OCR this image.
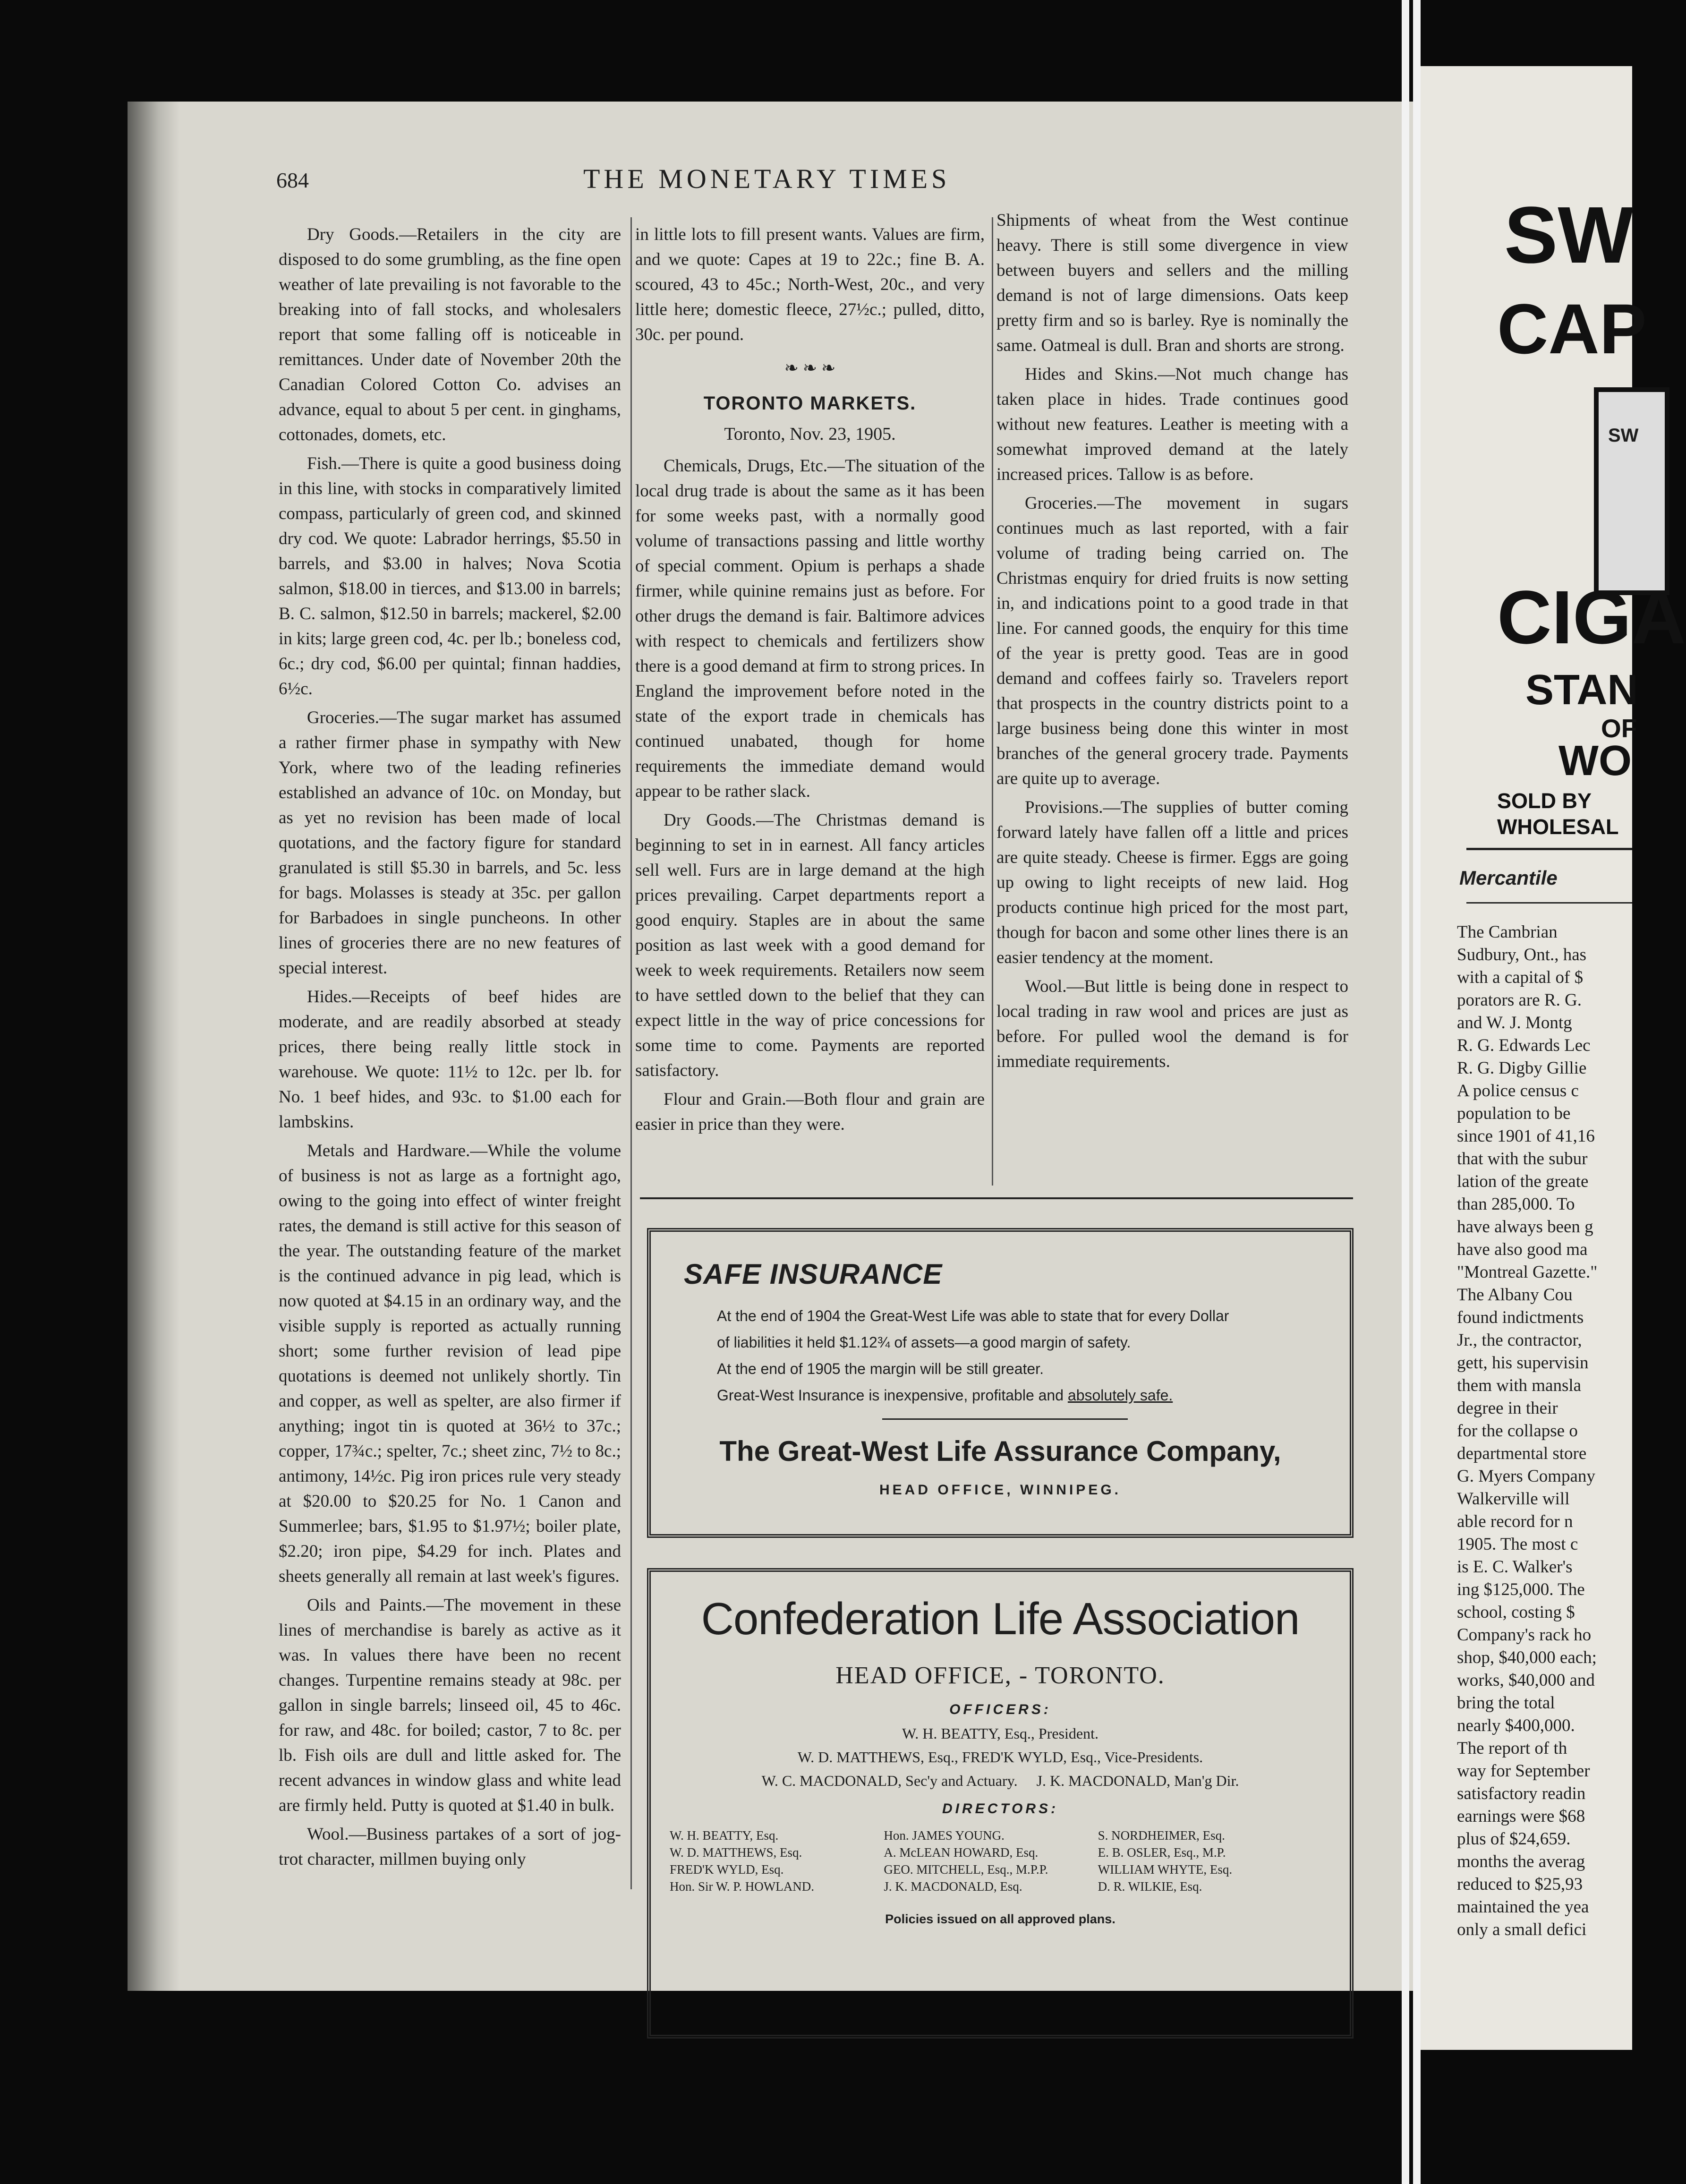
684	THE MONETARY TIMES

Dry Goods.—Retailers in the city are disposed to do some grumbling, as the fine open weather of late prevailing is not favorable to the breaking into of fall stocks, and wholesalers report that some falling off is noticeable in remittances. Under date of November 20th the Canadian Colored Cotton Co. advises an advance, equal to about 5 per cent. in ginghams, cottonades, domets, etc.

Fish.—There is quite a good business doing in this line, with stocks in comparatively limited compass, particularly of green cod, and skinned dry cod. We quote: Labrador herrings, $5.50 in barrels, and $3.00 in halves; Nova Scotia salmon, $18.00 in tierces, and $13.00 in barrels; B. C. salmon, $12.50 in barrels; mackerel, $2.00 in kits; large green cod, 4c. per lb.; boneless cod, 6c.; dry cod, $6.00 per quintal; finnan haddies, 6½c.

Groceries.—The sugar market has assumed a rather firmer phase in sympathy with New York, where two of the leading refineries established an advance of 10c. on Monday, but as yet no revision has been made of local quotations, and the factory figure for standard granulated is still $5.30 in barrels, and 5c. less for bags. Molasses is steady at 35c. per gallon for Barbadoes in single puncheons. In other lines of groceries there are no new features of special interest.

Hides.—Receipts of beef hides are moderate, and are readily absorbed at steady prices, there being really little stock in warehouse. We quote: 11½ to 12c. per lb. for No. 1 beef hides, and 93c. to $1.00 each for lambskins.

Metals and Hardware.—While the volume of business is not as large as a fortnight ago, owing to the going into effect of winter freight rates, the demand is still active for this season of the year. The outstanding feature of the market is the continued advance in pig lead, which is now quoted at $4.15 in an ordinary way, and the visible supply is reported as actually running short; some further revision of lead pipe quotations is deemed not unlikely shortly. Tin and copper, as well as spelter, are also firmer if anything; ingot tin is quoted at 36½ to 37c.; copper, 17¾c.; spelter, 7c.; sheet zinc, 7½ to 8c.; antimony, 14½c. Pig iron prices rule very steady at $20.00 to $20.25 for No. 1 Canon and Summerlee; bars, $1.95 to $1.97½; boiler plate, $2.20; iron pipe, $4.29 for inch. Plates and sheets generally all remain at last week's figures.

Oils and Paints.—The movement in these lines of merchandise is barely as active as it was. In values there have been no recent changes. Turpentine remains steady at 98c. per gallon in single barrels; linseed oil, 45 to 46c. for raw, and 48c. for boiled; castor, 7 to 8c. per lb. Fish oils are dull and little asked for. The recent advances in window glass and white lead are firmly held. Putty is quoted at $1.40 in bulk.

Wool.—Business partakes of a sort of jog-trot character, millmen buying only

in little lots to fill present wants. Values are firm, and we quote: Capes at 19 to 22c.; fine B. A. scoured, 43 to 45c.; North-West, 20c., and very little here; domestic fleece, 27½c.; pulled, ditto, 30c. per pound.

❧ ❧ ❧
TORONTO MARKETS.
Toronto, Nov. 23, 1905.

Chemicals, Drugs, Etc.—The situation of the local drug trade is about the same as it has been for some weeks past, with a normally good volume of transactions passing and little worthy of special comment. Opium is perhaps a shade firmer, while quinine remains just as before. For other drugs the demand is fair. Baltimore advices with respect to chemicals and fertilizers show there is a good demand at firm to strong prices. In England the improvement before noted in the state of the export trade in chemicals has continued unabated, though for home requirements the immediate demand would appear to be rather slack.

Dry Goods.—The Christmas demand is beginning to set in in earnest. All fancy articles sell well. Furs are in large demand at the high prices prevailing. Carpet departments report a good enquiry. Staples are in about the same position as last week with a good demand for week to week requirements. Retailers now seem to have settled down to the belief that they can expect little in the way of price concessions for some time to come. Payments are reported satisfactory.

Flour and Grain.—Both flour and grain are easier in price than they were.

Shipments of wheat from the West continue heavy. There is still some divergence in view between buyers and sellers and the milling demand is not of large dimensions. Oats keep pretty firm and so is barley. Rye is nominally the same. Oatmeal is dull. Bran and shorts are strong.

Hides and Skins.—Not much change has taken place in hides. Trade continues good without new features. Leather is meeting with a somewhat improved demand at the lately increased prices. Tallow is as before.

Groceries.—The movement in sugars continues much as last reported, with a fair volume of trading being carried on. The Christmas enquiry for dried fruits is now setting in, and indications point to a good trade in that line. For canned goods, the enquiry for this time of the year is pretty good. Teas are in good demand and coffees fairly so. Travelers report that prospects in the country districts point to a large business being done this winter in most branches of the general grocery trade. Payments are quite up to average.

Provisions.—The supplies of butter coming forward lately have fallen off a little and prices are quite steady. Cheese is firmer. Eggs are going up owing to light receipts of new laid. Hog products continue high priced for the most part, though for bacon and some other lines there is an easier tendency at the moment.

Wool.—But little is being done in respect to local trading in raw wool and prices are just as before. For pulled wool the demand is for immediate requirements.

SAFE INSURANCE
At the end of 1904 the Great-West Life was able to state that for every Dollar
of liabilities it held $1.12¾ of assets—a good margin of safety.
At the end of 1905 the margin will be still greater.
Great-West Insurance is inexpensive, profitable and absolutely safe.
The Great-West Life Assurance Company,
HEAD OFFICE, WINNIPEG.
Confederation Life Association
HEAD OFFICE, - TORONTO.
OFFICERS:
W. H. BEATTY, Esq., President.
W. D. MATTHEWS, Esq., FRED'K WYLD, Esq., Vice-Presidents.
W. C. MACDONALD, Sec'y and Actuary.     J. K. MACDONALD, Man'g Dir.
DIRECTORS:
W. H. BEATTY, Esq.
W. D. MATTHEWS, Esq.
FRED'K WYLD, Esq.
Hon. Sir W. P. HOWLAND.
Hon. JAMES YOUNG.
A. McLEAN HOWARD, Esq.
GEO. MITCHELL, Esq., M.P.P.
J. K. MACDONALD, Esq.
S. NORDHEIMER, Esq.
E. B. OSLER, Esq., M.P.
WILLIAM WHYTE, Esq.
D. R. WILKIE, Esq.
Policies issued on all approved plans.
SW
CAP
SW
CIGA
STAN
OF
WO
SOLD BY
WHOLESAL
Mercantile
The Cambrian
Sudbury, Ont., has
with a capital of $
porators are R. G.
and W. J. Montg
R. G. Edwards Lec
R. G. Digby Gillie
A police census c
population to be
since 1901 of 41,16
that with the subur
lation of the greate
than 285,000. To
have always been g
have also good ma
"Montreal Gazette."
The Albany Cou
found indictments
Jr., the contractor,
gett, his supervisin
them with mansla
degree in their
for the collapse o
departmental store
G. Myers Company
Walkerville will
able record for n
1905. The most c
is E. C. Walker's
ing $125,000. The
school, costing $
Company's rack ho
shop, $40,000 each;
works, $40,000 and
bring the total
nearly $400,000.
The report of th
way for September
satisfactory readin
earnings were $68
plus of $24,659.
months the averag
reduced to $25,93
maintained the yea
only a small defici
